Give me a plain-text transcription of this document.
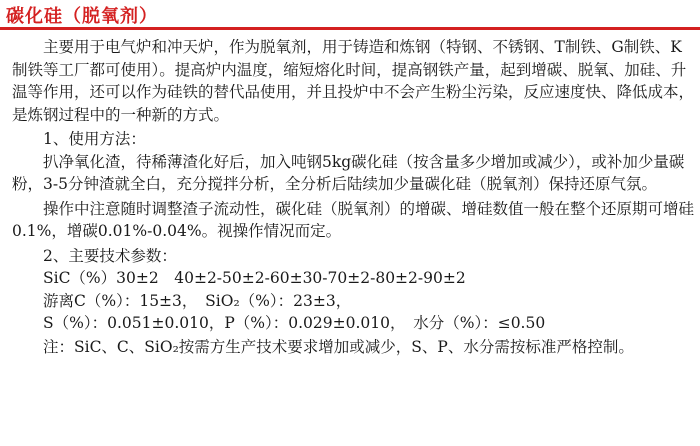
碳化硅（脱氧剂）

主要用于电气炉和冲天炉，作为脱氧剂，用于铸造和炼钢（特钢、不锈钢、T制铁、G制铁、K制铁等工厂都可使用）。提高炉内温度，缩短熔化时间，提高钢铁产量，起到增碳、脱氧、加硅、升温等作用，还可以作为硅铁的替代品使用，并且投炉中不会产生粉尘污染，反应速度快、降低成本，是炼钢过程中的一种新的方式。

1、使用方法：

扒净氧化渣，待稀薄渣化好后，加入吨钢5kg碳化硅（按含量多少增加或减少），或补加少量碳粉，3-5分钟渣就全白，充分搅拌分析，全分析后陆续加少量碳化硅（脱氧剂）保持还原气氛。

操作中注意随时调整渣子流动性，碳化硅（脱氧剂）的增碳、增硅数值一般在整个还原期可增硅0.1%，增碳0.01%-0.04%。视操作情况而定。

2、主要技术参数：

SiC（%）30±2　40±2-50±2-60±30-70±2-80±2-90±2

游离C（%）：15±3，　SiO₂（%）：23±3，

S（%）：0.051±0.010，P（%）：0.029±0.010，　水分（%）：≤0.50

注：SiC、C、SiO₂按需方生产技术要求增加或减少，S、P、水分需按标准严格控制。
